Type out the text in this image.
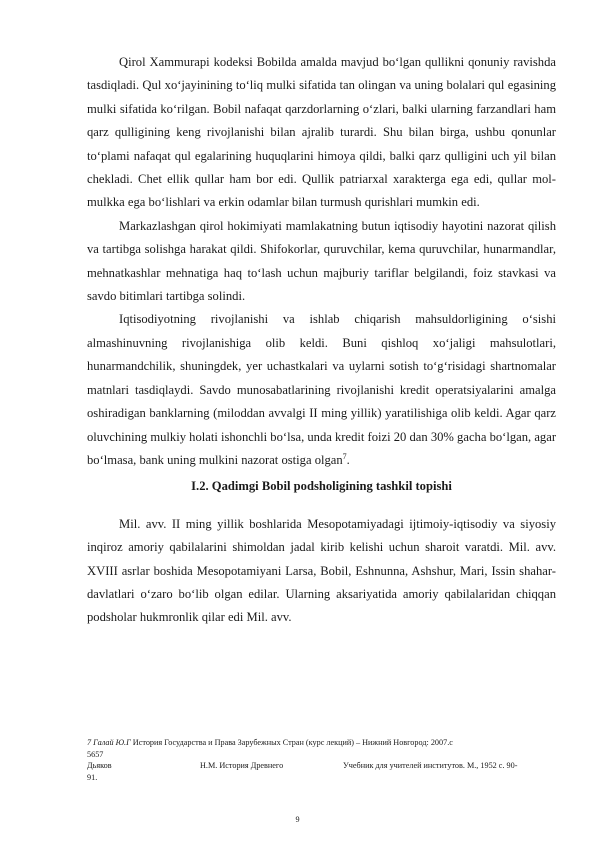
Qirol Xammurapi kodeksi Bobilda amalda mavjud bo‘lgan qullikni qonuniy ravishda tasdiqladi. Qul xo‘jayinining to‘liq mulki sifatida tan olingan va uning bolalari qul egasining mulki sifatida ko‘rilgan. Bobil nafaqat qarzdorlarning o‘zlari, balki ularning farzandlari ham qarz qulligining keng rivojlanishi bilan ajralib turardi. Shu bilan birga, ushbu qonunlar to‘plami nafaqat qul egalarining huquqlarini himoya qildi, balki qarz qulligini uch yil bilan chekladi. Chet ellik qullar ham bor edi. Qullik patriarxal xarakterga ega edi, qullar mol-mulkka ega bo‘lishlari va erkin odamlar bilan turmush qurishlari mumkin edi.

Markazlashgan qirol hokimiyati mamlakatning butun iqtisodiy hayotini nazorat qilish va tartibga solishga harakat qildi. Shifokorlar, quruvchilar, kema quruvchilar, hunarmandlar, mehnatkashlar mehnatiga haq to‘lash uchun majburiy tariflar belgilandi, foiz stavkasi va savdo bitimlari tartibga solindi.

Iqtisodiyotning rivojlanishi va ishlab chiqarish mahsuldorligining o‘sishi almashinuvning rivojlanishiga olib keldi. Buni qishloq xo‘jaligi mahsulotlari, hunarmandchilik, shuningdek, yer uchastkalari va uylarni sotish to‘g‘risidagi shartnomalar matnlari tasdiqlaydi. Savdo munosabatlarining rivojlanishi kredit operatsiyalarini amalga oshiradigan banklarning (miloddan avvalgi II ming yillik) yaratilishiga olib keldi. Agar qarz oluvchining mulkiy holati ishonchli bo‘lsa, unda kredit foizi 20 dan 30% gacha bo‘lgan, agar bo‘lmasa, bank uning mulkini nazorat ostiga olgan$^7$.

I.2. Qadimgi Bobil podsholigining tashkil topishi

Mil. avv. II ming yillik boshlarida Mesopotamiyadagi ijtimoiy-iqtisodiy va siyosiy inqiroz amoriy qabilalarini shimoldan jadal kirib kelishi uchun sharoit varatdi. Mil. avv. XVIII asrlar boshida Mesopotamiyani Larsa, Bobil, Eshnunna, Ashshur, Mari, Issin shahar-davlatlari o‘zaro bo‘lib olgan edilar. Ularning aksariyatida amoriy qabilalaridan chiqqan podsholar hukmronlik qilar edi Mil. avv.

7 Галай Ю.Г История Государства и Права Зарубежных Стран (курс лекций) – Нижний Новгород: 2007.c
5657
Дьяков	Н.М. История Древнего	Учебник для учителей институтов. М., 1952 с. 90-
91.
9
